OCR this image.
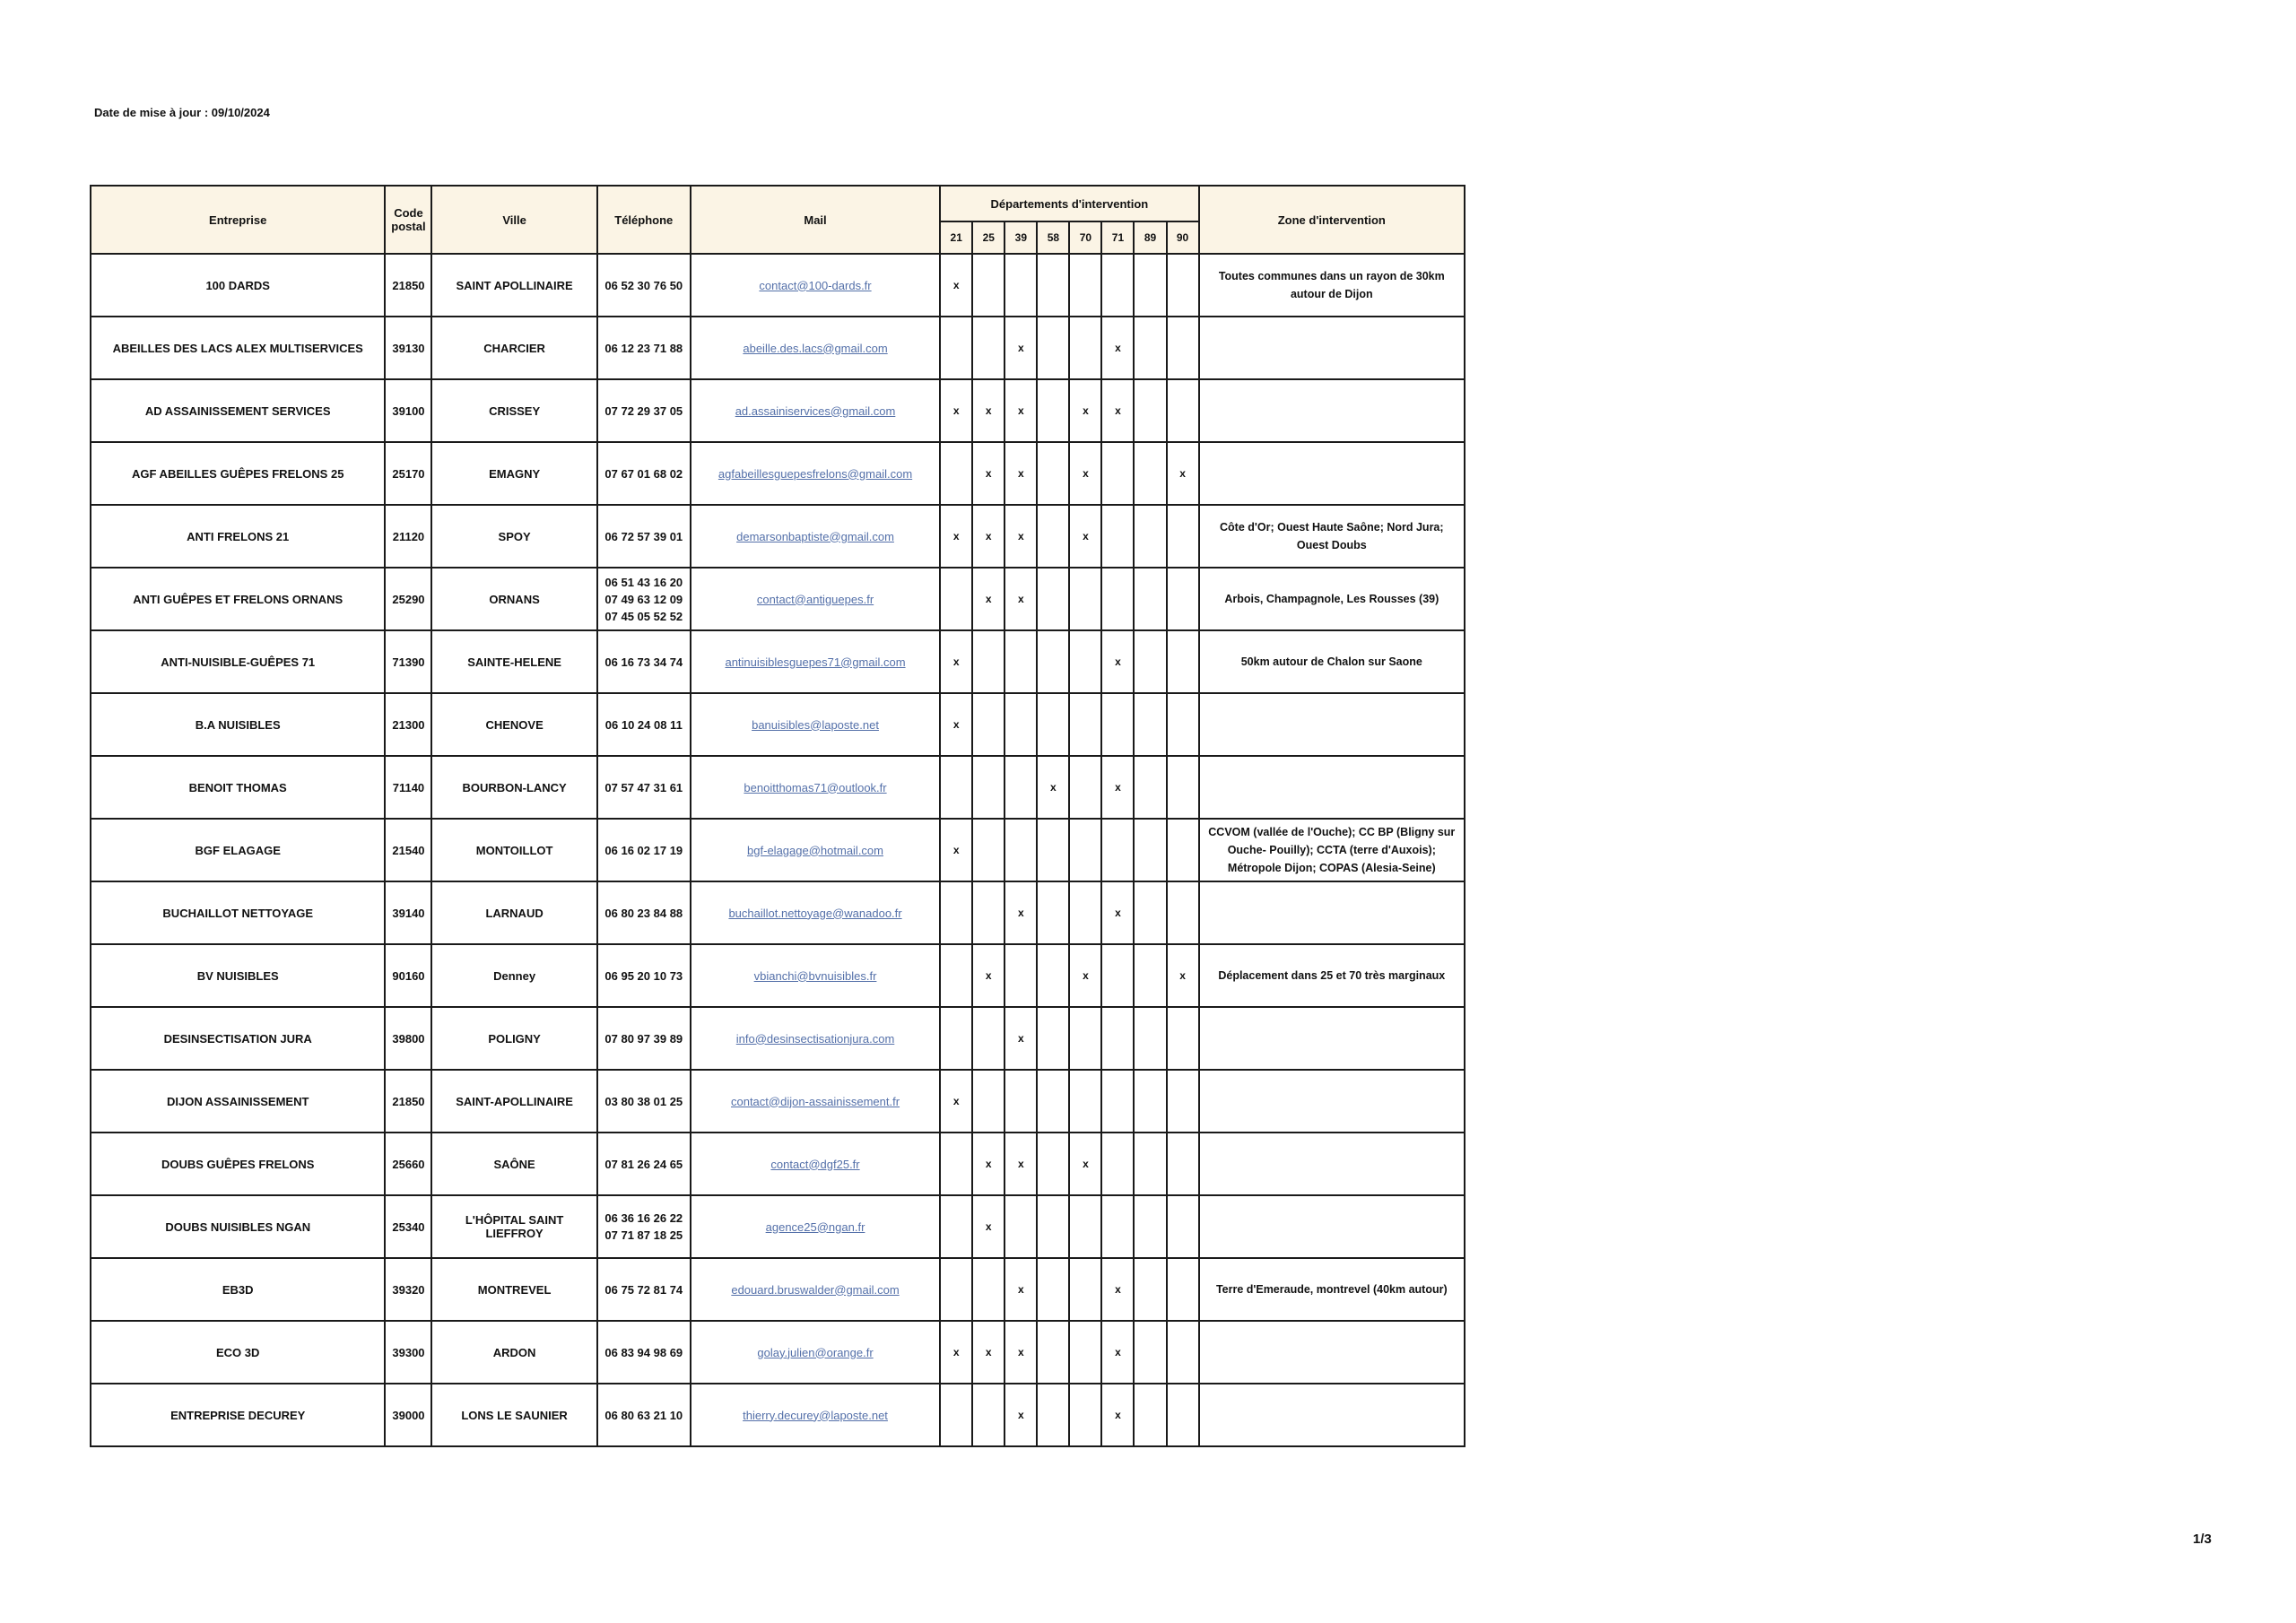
Date de mise à jour : 09/10/2024
Entreprise	Code postal	Ville	Téléphone	Mail	Départements d'intervention								Zone d'intervention
					21	25	39	58	70	71	89	90	
100 DARDS	21850	SAINT APOLLINAIRE	06 52 30 76 50	contact@100-dards.fr	x								Toutes communes dans un rayon de 30km autour de Dijon
ABEILLES DES LACS ALEX MULTISERVICES	39130	CHARCIER	06 12 23 71 88	abeille.des.lacs@gmail.com			x			x			
AD ASSAINISSEMENT SERVICES	39100	CRISSEY	07 72 29 37 05	ad.assainiservices@gmail.com	x	x	x		x	x			
AGF ABEILLES GUÊPES FRELONS 25	25170	EMAGNY	07 67 01 68 02	agfabeillesguepesfrelons@gmail.com		x	x		x			x	
ANTI FRELONS 21	21120	SPOY	06 72 57 39 01	demarsonbaptiste@gmail.com	x	x	x		x				Côte d'Or; Ouest Haute Saône; Nord Jura; Ouest Doubs
ANTI GUÊPES ET FRELONS ORNANS	25290	ORNANS	06 51 43 16 20
07 49 63 12 09
07 45 05 52 52	contact@antiguepes.fr		x	x						Arbois, Champagnole, Les Rousses (39)
ANTI-NUISIBLE-GUÊPES 71	71390	SAINTE-HELENE	06 16 73 34 74	antinuisiblesguepes71@gmail.com	x					x			50km autour de Chalon sur Saone
B.A NUISIBLES	21300	CHENOVE	06 10 24 08 11	banuisibles@laposte.net	x								
BENOIT THOMAS	71140	BOURBON-LANCY	07 57 47 31 61	benoitthomas71@outlook.fr				x		x			
BGF ELAGAGE	21540	MONTOILLOT	06 16 02 17 19	bgf-elagage@hotmail.com	x								CCVOM (vallée de l'Ouche); CC BP (Bligny sur Ouche- Pouilly); CCTA (terre d'Auxois); Métropole Dijon; COPAS (Alesia-Seine)
BUCHAILLOT NETTOYAGE	39140	LARNAUD	06 80 23 84 88	buchaillot.nettoyage@wanadoo.fr			x			x			
BV NUISIBLES	90160	Denney	06 95 20 10 73	vbianchi@bvnuisibles.fr		x			x			x	Déplacement dans 25 et 70 très marginaux
DESINSECTISATION JURA	39800	POLIGNY	07 80 97 39 89	info@desinsectisationjura.com			x						
DIJON ASSAINISSEMENT	21850	SAINT-APOLLINAIRE	03 80 38 01 25	contact@dijon-assainissement.fr	x								
DOUBS GUÊPES FRELONS	25660	SAÔNE	07 81 26 24 65	contact@dgf25.fr		x	x		x				
DOUBS NUISIBLES NGAN	25340	L'HÔPITAL SAINT LIEFFROY	06 36 16 26 22
07 71 87 18 25	agence25@ngan.fr		x							
EB3D	39320	MONTREVEL	06 75 72 81 74	edouard.bruswalder@gmail.com			x			x			Terre d'Emeraude, montrevel (40km autour)
ECO 3D	39300	ARDON	06 83 94 98 69	golay.julien@orange.fr	x	x	x			x			
ENTREPRISE DECUREY	39000	LONS LE SAUNIER	06 80 63 21 10	thierry.decurey@laposte.net			x			x			
1/3
